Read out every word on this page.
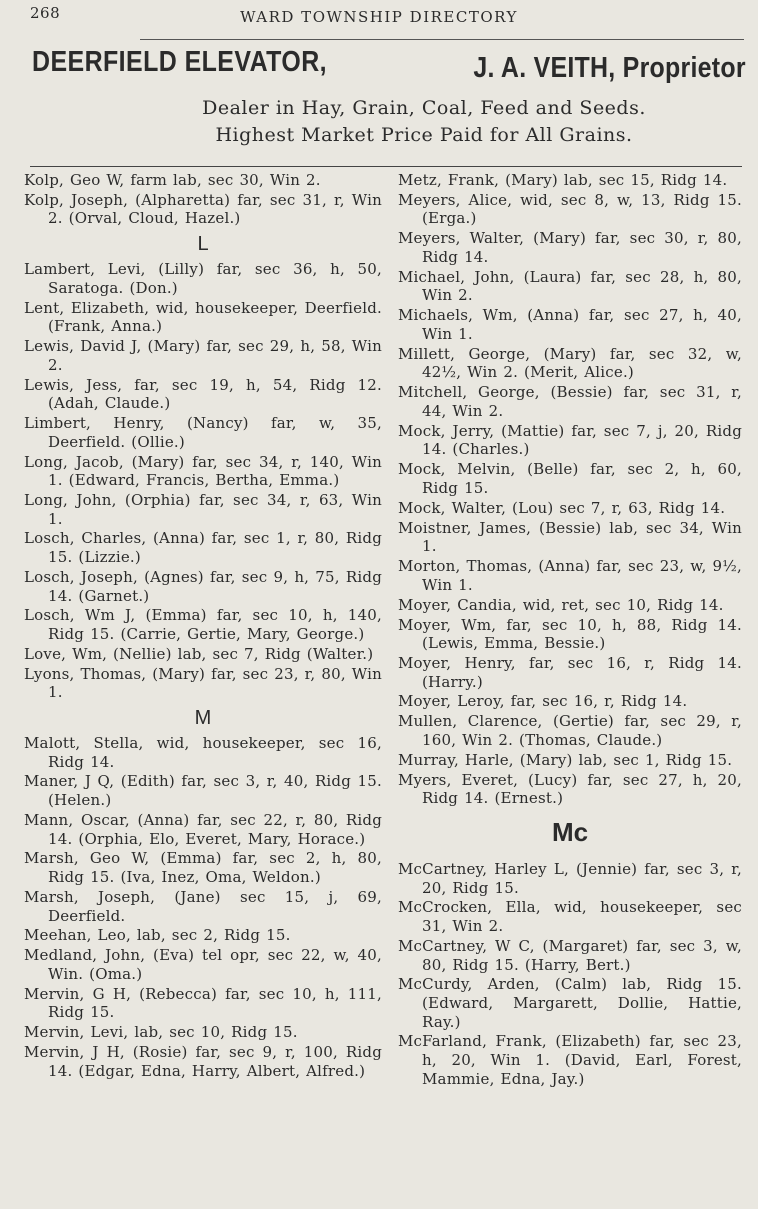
268	WARD TOWNSHIP DIRECTORY
DEERFIELD ELEVATOR,	J. A. VEITH, Proprietor
Dealer in Hay, Grain, Coal, Feed and Seeds.
Highest Market Price Paid for All Grains.
Kolp, Geo W, farm lab, sec 30, Win 2.
Kolp, Joseph, (Alpharetta) far, sec 31, r, Win 2. (Orval, Cloud, Hazel.)
L
Lambert, Levi, (Lilly) far, sec 36, h, 50, Saratoga. (Don.)
Lent, Elizabeth, wid, housekeeper, Deerfield. (Frank, Anna.)
Lewis, David J, (Mary) far, sec 29, h, 58, Win 2.
Lewis, Jess, far, sec 19, h, 54, Ridg 12. (Adah, Claude.)
Limbert, Henry, (Nancy) far, w, 35, Deerfield. (Ollie.)
Long, Jacob, (Mary) far, sec 34, r, 140, Win 1. (Edward, Francis, Bertha, Emma.)
Long, John, (Orphia) far, sec 34, r, 63, Win 1.
Losch, Charles, (Anna) far, sec 1, r, 80, Ridg 15. (Lizzie.)
Losch, Joseph, (Agnes) far, sec 9, h, 75, Ridg 14. (Garnet.)
Losch, Wm J, (Emma) far, sec 10, h, 140, Ridg 15. (Carrie, Gertie, Mary, George.)
Love, Wm, (Nellie) lab, sec 7, Ridg (Walter.)
Lyons, Thomas, (Mary) far, sec 23, r, 80, Win 1.
M
Malott, Stella, wid, housekeeper, sec 16, Ridg 14.
Maner, J Q, (Edith) far, sec 3, r, 40, Ridg 15. (Helen.)
Mann, Oscar, (Anna) far, sec 22, r, 80, Ridg 14. (Orphia, Elo, Everet, Mary, Horace.)
Marsh, Geo W, (Emma) far, sec 2, h, 80, Ridg 15. (Iva, Inez, Oma, Weldon.)
Marsh, Joseph, (Jane) sec 15, j, 69, Deerfield.
Meehan, Leo, lab, sec 2, Ridg 15.
Medland, John, (Eva) tel opr, sec 22, w, 40, Win. (Oma.)
Mervin, G H, (Rebecca) far, sec 10, h, 111, Ridg 15.
Mervin, Levi, lab, sec 10, Ridg 15.
Mervin, J H, (Rosie) far, sec 9, r, 100, Ridg 14. (Edgar, Edna, Harry, Albert, Alfred.)
Metz, Frank, (Mary) lab, sec 15, Ridg 14.
Meyers, Alice, wid, sec 8, w, 13, Ridg 15. (Erga.)
Meyers, Walter, (Mary) far, sec 30, r, 80, Ridg 14.
Michael, John, (Laura) far, sec 28, h, 80, Win 2.
Michaels, Wm, (Anna) far, sec 27, h, 40, Win 1.
Millett, George, (Mary) far, sec 32, w, 42½, Win 2. (Merit, Alice.)
Mitchell, George, (Bessie) far, sec 31, r, 44, Win 2.
Mock, Jerry, (Mattie) far, sec 7, j, 20, Ridg 14. (Charles.)
Mock, Melvin, (Belle) far, sec 2, h, 60, Ridg 15.
Mock, Walter, (Lou) sec 7, r, 63, Ridg 14.
Moistner, James, (Bessie) lab, sec 34, Win 1.
Morton, Thomas, (Anna) far, sec 23, w, 9½, Win 1.
Moyer, Candia, wid, ret, sec 10, Ridg 14.
Moyer, Wm, far, sec 10, h, 88, Ridg 14. (Lewis, Emma, Bessie.)
Moyer, Henry, far, sec 16, r, Ridg 14. (Harry.)
Moyer, Leroy, far, sec 16, r, Ridg 14.
Mullen, Clarence, (Gertie) far, sec 29, r, 160, Win 2. (Thomas, Claude.)
Murray, Harle, (Mary) lab, sec 1, Ridg 15.
Myers, Everet, (Lucy) far, sec 27, h, 20, Ridg 14. (Ernest.)
Mc
McCartney, Harley L, (Jennie) far, sec 3, r, 20, Ridg 15.
McCrocken, Ella, wid, housekeeper, sec 31, Win 2.
McCartney, W C, (Margaret) far, sec 3, w, 80, Ridg 15. (Harry, Bert.)
McCurdy, Arden, (Calm) lab, Ridg 15. (Edward, Margarett, Dollie, Hattie, Ray.)
McFarland, Frank, (Elizabeth) far, sec 23, h, 20, Win 1. (David, Earl, Forest, Mammie, Edna, Jay.)
